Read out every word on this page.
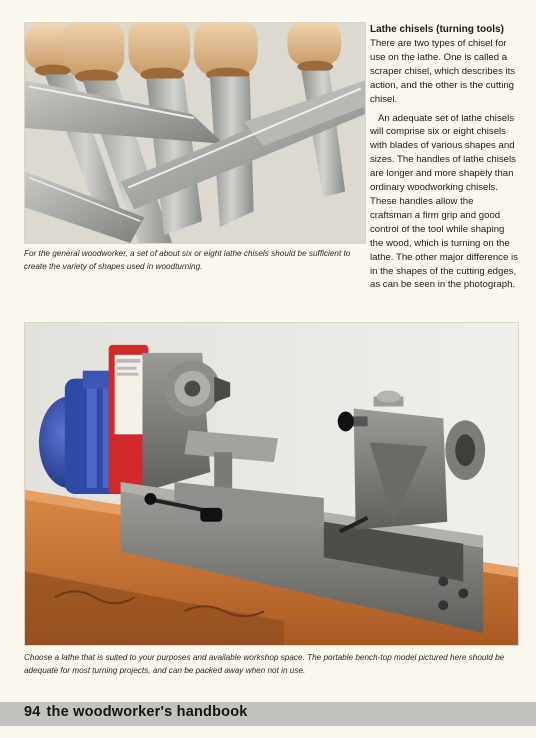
For the general woodworker, a set of about six or eight lathe chisels should be sufficient to create the variety of shapes used in woodturning.
Lathe chisels (turning tools)

There are two types of chisel for use on the lathe. One is called a scraper chisel, which describes its action, and the other is the cutting chisel.

An adequate set of lathe chisels will comprise six or eight chisels with blades of various shapes and sizes. The handles of lathe chisels are longer and more shapely than ordinary woodworking chisels. These handles allow the craftsman a firm grip and good control of the tool while shaping the wood, which is turning on the lathe. The other major difference is in the shapes of the cutting edges, as can be seen in the photograph.

Choose a lathe that is suited to your purposes and available workshop space. The portable bench-top model pictured here should be adequate for most turning projects, and can be packed away when not in use.
94 the woodworker's handbook
